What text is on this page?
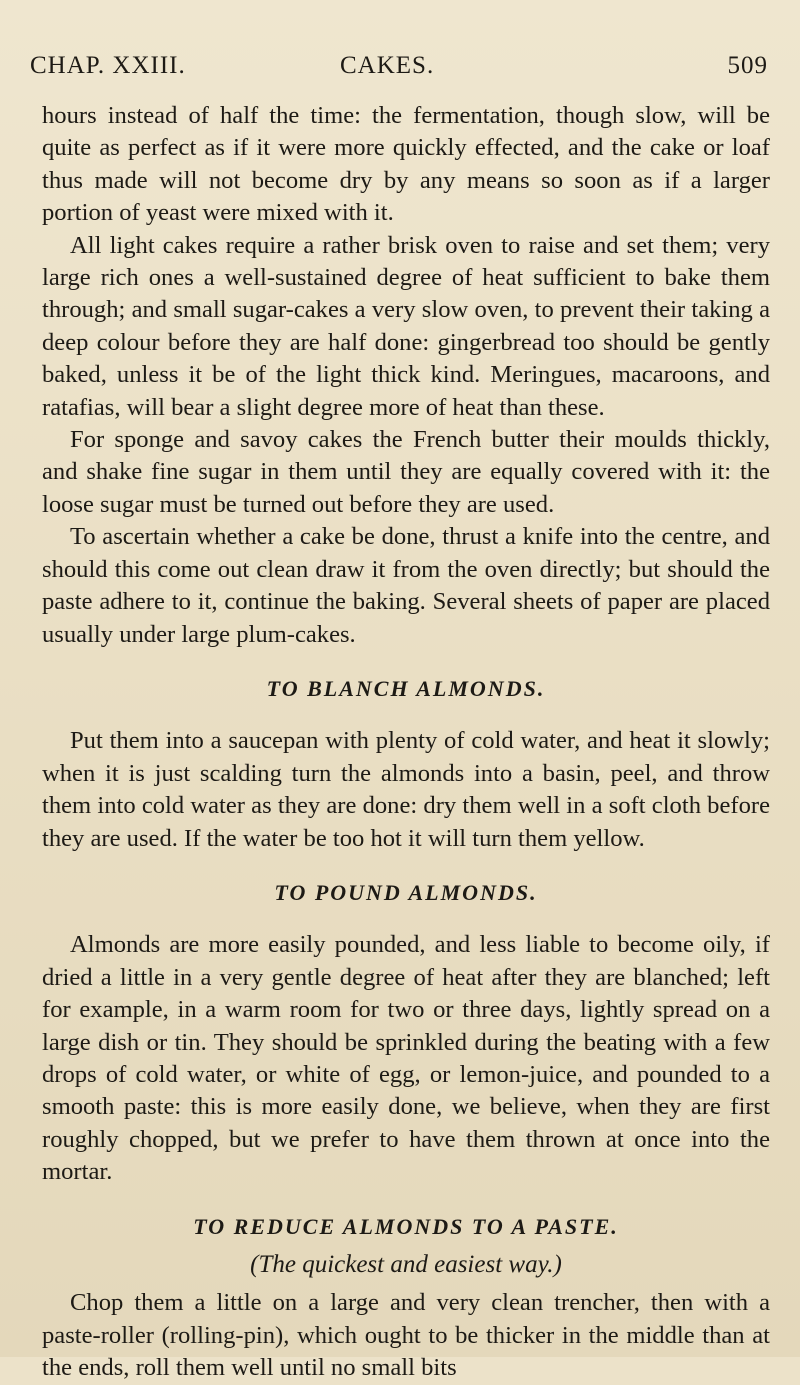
CHAP. XXIII.	CAKES.	509

hours instead of half the time: the fermentation, though slow, will be quite as perfect as if it were more quickly effected, and the cake or loaf thus made will not become dry by any means so soon as if a larger portion of yeast were mixed with it.

All light cakes require a rather brisk oven to raise and set them; very large rich ones a well-sustained degree of heat sufficient to bake them through; and small sugar-cakes a very slow oven, to prevent their taking a deep colour before they are half done: gingerbread too should be gently baked, unless it be of the light thick kind. Meringues, macaroons, and ratafias, will bear a slight degree more of heat than these.

For sponge and savoy cakes the French butter their moulds thickly, and shake fine sugar in them until they are equally covered with it: the loose sugar must be turned out before they are used.

To ascertain whether a cake be done, thrust a knife into the centre, and should this come out clean draw it from the oven directly; but should the paste adhere to it, continue the baking. Several sheets of paper are placed usually under large plum-cakes.

TO BLANCH ALMONDS.

Put them into a saucepan with plenty of cold water, and heat it slowly; when it is just scalding turn the almonds into a basin, peel, and throw them into cold water as they are done: dry them well in a soft cloth before they are used. If the water be too hot it will turn them yellow.

TO POUND ALMONDS.

Almonds are more easily pounded, and less liable to become oily, if dried a little in a very gentle degree of heat after they are blanched; left for example, in a warm room for two or three days, lightly spread on a large dish or tin. They should be sprinkled during the beating with a few drops of cold water, or white of egg, or lemon-juice, and pounded to a smooth paste: this is more easily done, we believe, when they are first roughly chopped, but we prefer to have them thrown at once into the mortar.

TO REDUCE ALMONDS TO A PASTE.
(The quickest and easiest way.)

Chop them a little on a large and very clean trencher, then with a paste-roller (rolling-pin), which ought to be thicker in the middle than at the ends, roll them well until no small bits
